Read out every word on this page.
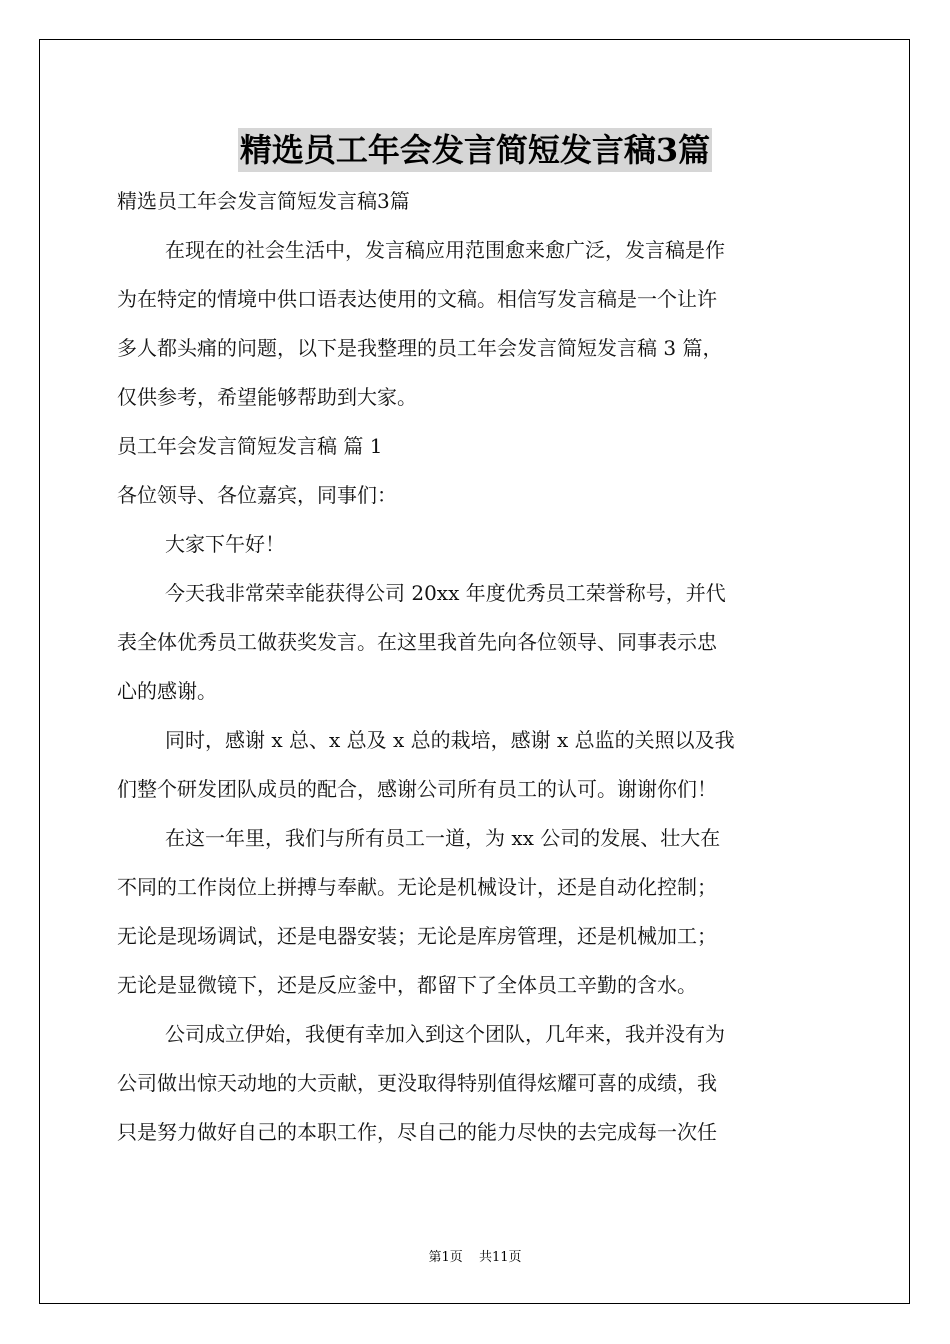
精选员工年会发言简短发言稿3篇

精选员工年会发言简短发言稿3篇

在现在的社会生活中，发言稿应用范围愈来愈广泛，发言稿是作

为在特定的情境中供口语表达使用的文稿。相信写发言稿是一个让许

多人都头痛的问题，以下是我整理的员工年会发言简短发言稿 3 篇，

仅供参考，希望能够帮助到大家。

员工年会发言简短发言稿 篇 1

各位领导、各位嘉宾，同事们：

大家下午好！

今天我非常荣幸能获得公司 20xx 年度优秀员工荣誉称号，并代

表全体优秀员工做获奖发言。在这里我首先向各位领导、同事表示忠

心的感谢。

同时，感谢 x 总、x 总及 x 总的栽培，感谢 x 总监的关照以及我

们整个研发团队成员的配合，感谢公司所有员工的认可。谢谢你们！

在这一年里，我们与所有员工一道，为 xx 公司的发展、壮大在

不同的工作岗位上拼搏与奉献。无论是机械设计，还是自动化控制；

无论是现场调试，还是电器安装；无论是库房管理，还是机械加工；

无论是显微镜下，还是反应釜中，都留下了全体员工辛勤的含水。

公司成立伊始，我便有幸加入到这个团队，几年来，我并没有为

公司做出惊天动地的大贡献，更没取得特别值得炫耀可喜的成绩，我

只是努力做好自己的本职工作，尽自己的能力尽快的去完成每一次任

第1页 共11页
